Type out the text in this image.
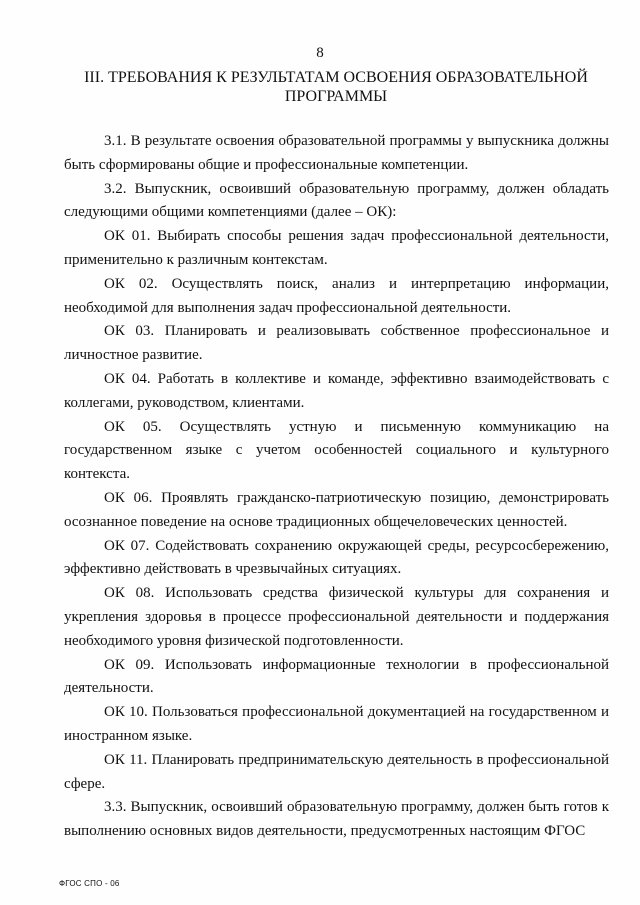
8
III. ТРЕБОВАНИЯ К РЕЗУЛЬТАТАМ ОСВОЕНИЯ ОБРАЗОВАТЕЛЬНОЙ ПРОГРАММЫ

3.1. В результате освоения образовательной программы у выпускника должны быть сформированы общие и профессиональные компетенции.

3.2. Выпускник, освоивший образовательную программу, должен обладать следующими общими компетенциями (далее – ОК):

ОК 01. Выбирать способы решения задач профессиональной деятельности, применительно к различным контекстам.

ОК 02. Осуществлять поиск, анализ и интерпретацию информации, необходимой для выполнения задач профессиональной деятельности.

ОК 03. Планировать и реализовывать собственное профессиональное и личностное развитие.

ОК 04. Работать в коллективе и команде, эффективно взаимодействовать с коллегами, руководством, клиентами.

ОК 05. Осуществлять устную и письменную коммуникацию на государственном языке с учетом особенностей социального и культурного контекста.

ОК 06. Проявлять гражданско-патриотическую позицию, демонстрировать осознанное поведение на основе традиционных общечеловеческих ценностей.

ОК 07. Содействовать сохранению окружающей среды, ресурсосбережению, эффективно действовать в чрезвычайных ситуациях.

ОК 08. Использовать средства физической культуры для сохранения и укрепления здоровья в процессе профессиональной деятельности и поддержания необходимого уровня физической подготовленности.

ОК 09. Использовать информационные технологии в профессиональной деятельности.

ОК 10. Пользоваться профессиональной документацией на государственном и иностранном языке.

ОК 11. Планировать предпринимательскую деятельность в профессиональной сфере.

3.3. Выпускник, освоивший образовательную программу, должен быть готов к выполнению основных видов деятельности, предусмотренных настоящим ФГОС

ФГОС СПО - 06
